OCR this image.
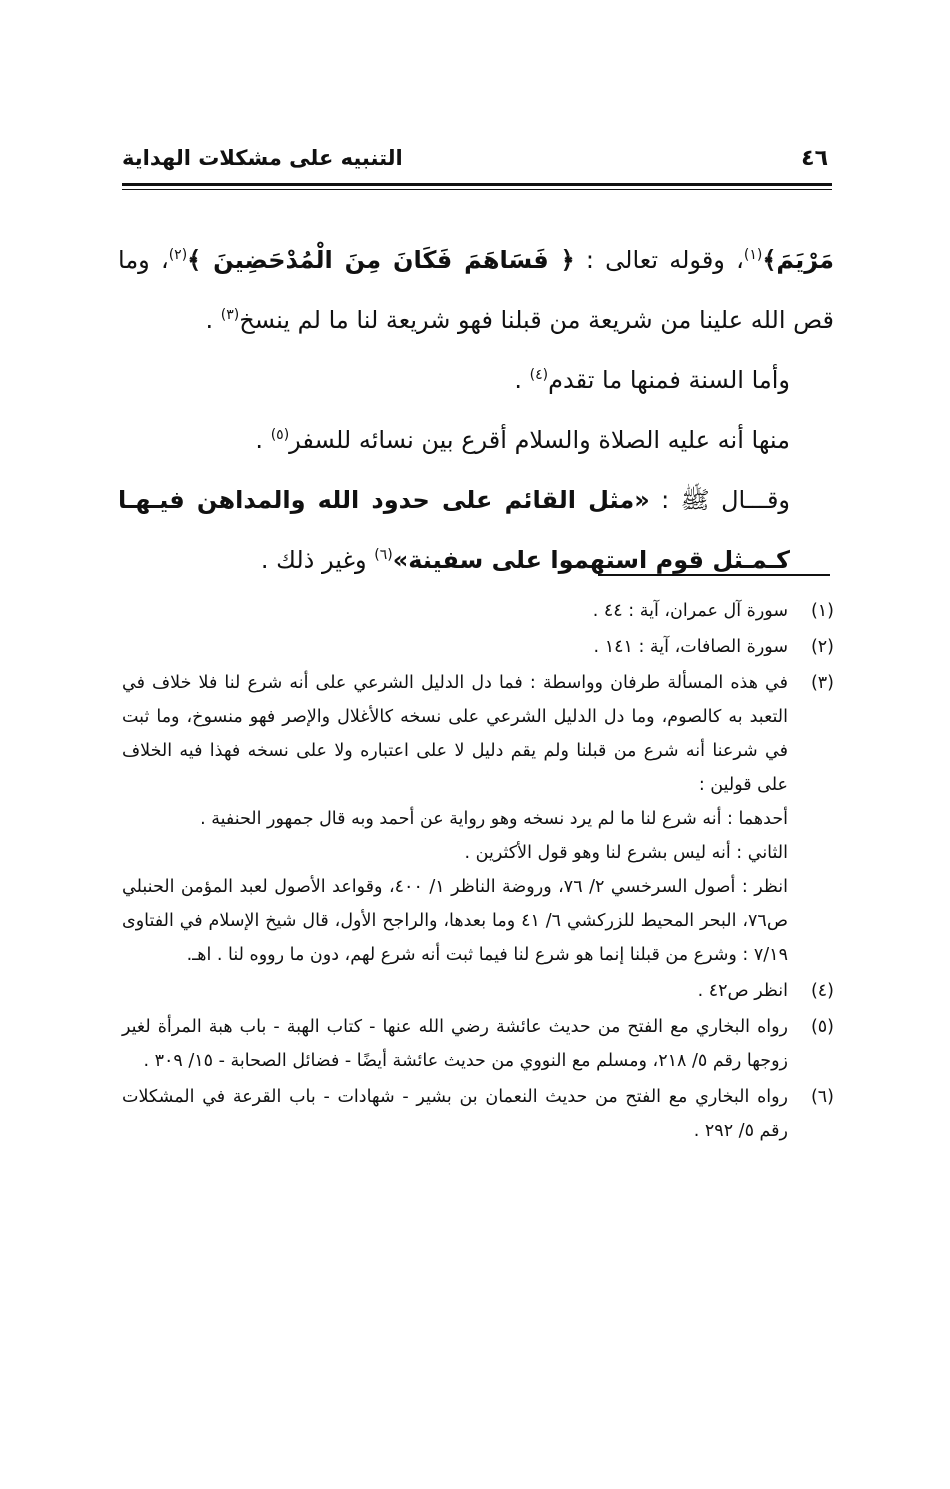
٤٦
التنبيه على مشكلات الهداية

مَرْيَمَ﴾$^{(١)}$، وقوله تعالى : ﴿ فَسَاهَمَ فَكَانَ مِنَ الْمُدْحَضِينَ ﴾$^{(٢)}$، وما قص الله علينا من شريعة من قبلنا فهو شريعة لنا ما لم ينسخ$^{(٣)}$ .

وأما السنة فمنها ما تقدم$^{(٤)}$ .

منها أنه عليه الصلاة والسلام أقرع بين نسائه للسفر$^{(٥)}$ .

وقـــال ﷺ : «مثل القائم على حدود الله والمداهن فيـهـا كـمـثل قوم استهموا على سفينة»$^{(٦)}$ وغير ذلك .

(١)
سورة آل عمران، آية : ٤٤ .
(٢)
سورة الصافات، آية : ١٤١ .
(٣)
في هذه المسألة طرفان وواسطة : فما دل الدليل الشرعي على أنه شرع لنا فلا خلاف في التعبد به كالصوم، وما دل الدليل الشرعي على نسخه كالأغلال والإصر فهو منسوخ، وما ثبت في شرعنا أنه شرع من قبلنا ولم يقم دليل لا على اعتباره ولا على نسخه فهذا فيه الخلاف على قولين :
أحدهما : أنه شرع لنا ما لم يرد نسخه وهو رواية عن أحمد وبه قال جمهور الحنفية .
الثاني : أنه ليس بشرع لنا وهو قول الأكثرين .
انظر : أصول السرخسي ٢/ ٧٦، وروضة الناظر ١/ ٤٠٠، وقواعد الأصول لعبد المؤمن الحنبلي ص٧٦، البحر المحيط للزركشي ٦/ ٤١ وما بعدها، والراجح الأول، قال شيخ الإسلام في الفتاوى ٧/١٩ : وشرع من قبلنا إنما هو شرع لنا فيما ثبت أنه شرع لهم، دون ما رووه لنا . اهـ.
(٤)
انظر ص٤٢ .
(٥)
رواه البخاري مع الفتح من حديث عائشة رضي الله عنها - كتاب الهبة - باب هبة المرأة لغير زوجها رقم ٥/ ٢١٨، ومسلم مع النووي من حديث عائشة أيضًا - فضائل الصحابة - ١٥/ ٣٠٩ .
(٦)
رواه البخاري مع الفتح من حديث النعمان بن بشير - شهادات - باب القرعة في المشكلات رقم ٥/ ٢٩٢ .
